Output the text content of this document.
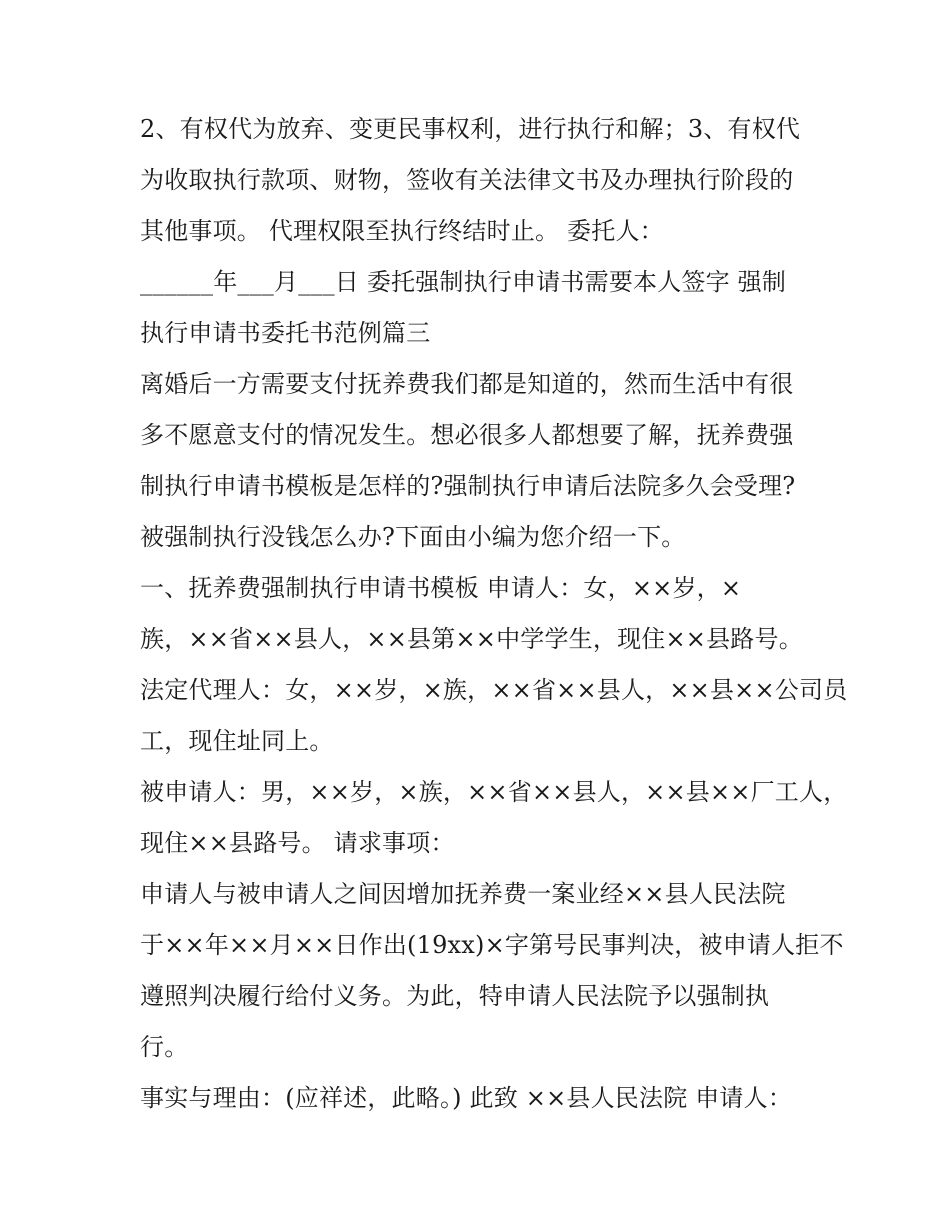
2、有权代为放弃、变更民事权利，进行执行和解；3、有权代
为收取执行款项、财物，签收有关法律文书及办理执行阶段的
其他事项。 代理权限至执行终结时止。 委托人：
______年___月___日 委托强制执行申请书需要本人签字 强制
执行申请书委托书范例篇三
离婚后一方需要支付抚养费我们都是知道的，然而生活中有很
多不愿意支付的情况发生。想必很多人都想要了解，抚养费强
制执行申请书模板是怎样的?强制执行申请后法院多久会受理?
被强制执行没钱怎么办?下面由小编为您介绍一下。
一、抚养费强制执行申请书模板 申请人：女，××岁，×
族，××省××县人，××县第××中学学生，现住××县路号。
法定代理人：女，××岁，×族，××省××县人，××县××公司员
工，现住址同上。
被申请人：男，××岁，×族，××省××县人，××县××厂工人，
现住××县路号。 请求事项：
申请人与被申请人之间因增加抚养费一案业经××县人民法院
于××年××月××日作出(19xx)×字第号民事判决，被申请人拒不
遵照判决履行给付义务。为此，特申请人民法院予以强制执
行。
事实与理由：(应祥述，此略。) 此致 ××县人民法院 申请人：
